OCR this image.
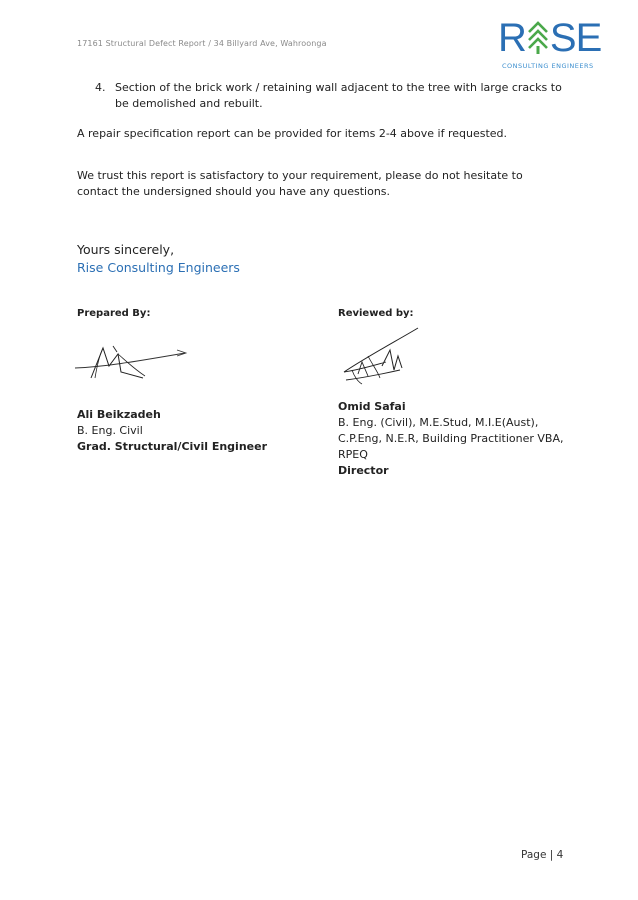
17161 Structural Defect Report / 34 Billyard Ave, Wahroonga	R SE
CONSULTING ENGINEERS
4. Section of the brick work / retaining wall adjacent to the tree with large cracks to be demolished and rebuilt.
A repair specification report can be provided for items 2-4 above if requested.
We trust this report is satisfactory to your requirement, please do not hesitate to contact the undersigned should you have any questions.
Yours sincerely,
Rise Consulting Engineers
Prepared By:	Reviewed by:
Ali Beikzadeh
B. Eng. Civil
Grad. Structural/Civil Engineer
Omid Safai
B. Eng. (Civil), M.E.Stud, M.I.E(Aust), C.P.Eng, N.E.R, Building Practitioner VBA, RPEQ
Director
Page | 4
